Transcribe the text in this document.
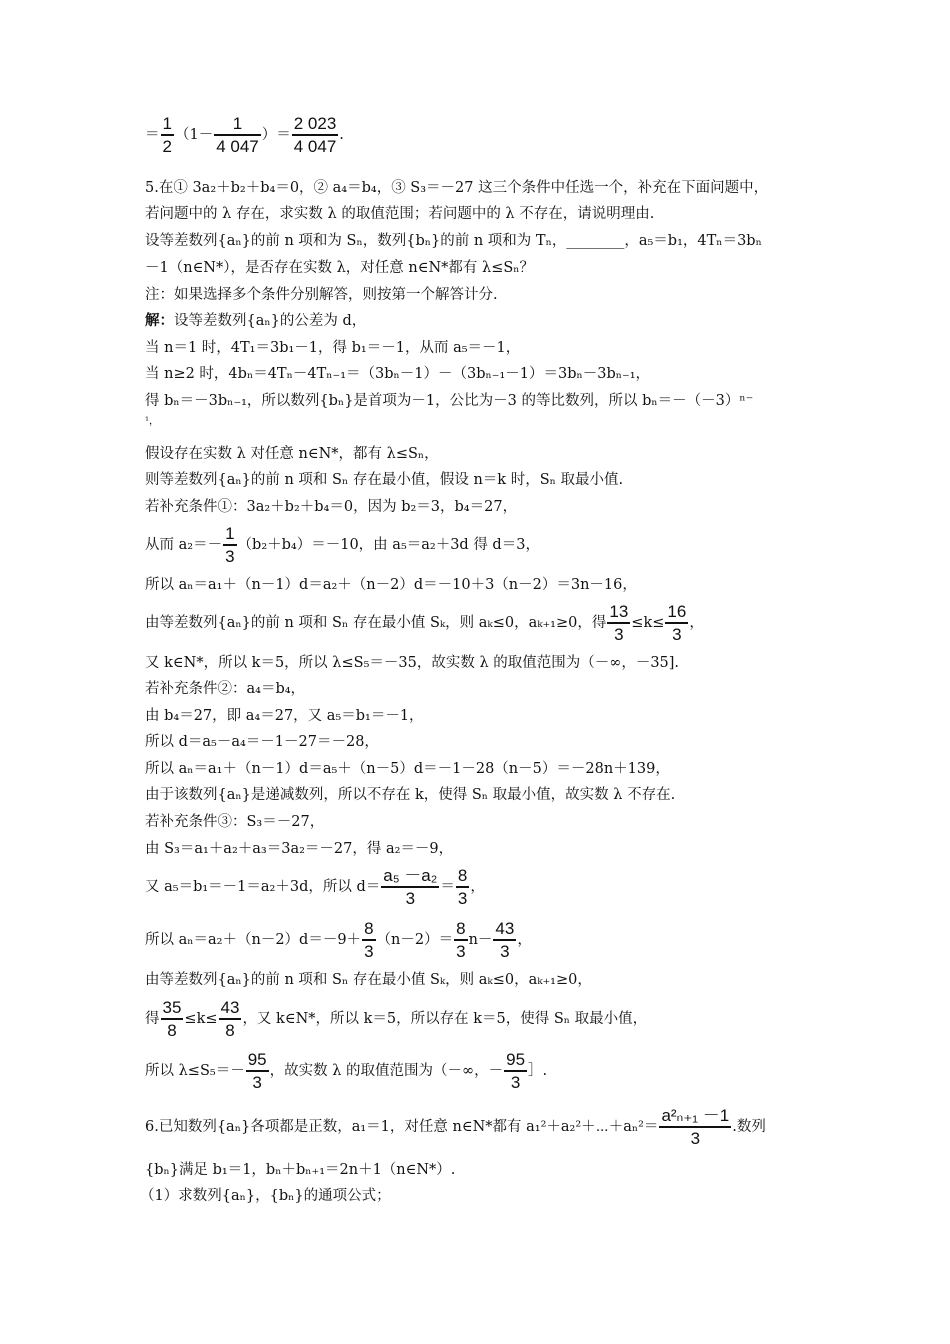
＝ $\frac{1}{2} (1- \frac{1}{4 047}$ ）＝ $\frac{2 023}{4 047}$ .
5.在① 3a₂＋b₂＋b₄＝0，② a₄＝b₄，③ S₃＝－27 这三个条件中任选一个，补充在下面问题中，
若问题中的 λ 存在，求实数 λ 的取值范围；若问题中的 λ 不存在，请说明理由.
设等差数列{aₙ}的前 n 项和为 Sₙ，数列{bₙ}的前 n 项和为 Tₙ，________，a₅＝b₁，4Tₙ＝3bₙ
－1（n∈N*），是否存在实数 λ，对任意 n∈N*都有 λ≤Sₙ？
注：如果选择多个条件分别解答，则按第一个解答计分.
解：设等差数列{aₙ}的公差为 d，
当 n＝1 时，4T₁＝3b₁－1，得 b₁＝－1，从而 a₅＝－1，
当 n≥2 时，4bₙ＝4Tₙ－4Tₙ₋₁＝（3bₙ－1）－（3bₙ₋₁－1）＝3bₙ－3bₙ₋₁，
得 bₙ＝－3bₙ₋₁，所以数列{bₙ}是首项为－1，公比为－3 的等比数列，所以 bₙ＝－（－3）ⁿ⁻
¹，
假设存在实数 λ 对任意 n∈N*，都有 λ≤Sₙ，
则等差数列{aₙ}的前 n 项和 Sₙ 存在最小值，假设 n＝k 时，Sₙ 取最小值.
若补充条件①：3a₂＋b₂＋b₄＝0，因为 b₂＝3，b₄＝27，
从而 $a_2=- \frac{1}{3} (b_2+b_4)=-10$，由 a₅＝a₂＋3d 得 d＝3，
所以 aₙ＝a₁＋（n－1）d＝a₂＋（n－2）d＝－10＋3（n－2）＝3n－16，
由等差数列{aₙ}的前 n 项和 Sₙ 存在最小值 Sₖ，则 aₖ≤0，aₖ₊₁≥0，得 $\frac{13}{3} \le k\le \frac{16}{3}$ ，
又 k∈N*，所以 k＝5，所以 λ≤S₅＝－35，故实数 λ 的取值范围为（－∞，－35].
若补充条件②：a₄＝b₄，
由 b₄＝27，即 a₄＝27，又 a₅＝b₁＝－1，
所以 d＝a₅－a₄＝－1－27＝－28，
所以 aₙ＝a₁＋（n－1）d＝a₅＋（n－5）d＝－1－28（n－5）＝－28n＋139，
由于该数列{aₙ}是递减数列，所以不存在 k，使得 Sₙ 取最小值，故实数 λ 不存在.
若补充条件③：S₃＝－27，
由 S₃＝a₁＋a₂＋a₃＝3a₂＝－27，得 a₂＝－9，
又 a₅＝b₁＝－1＝a₂＋3d，所以 $d= \frac{\text{a₅ －a₂}}{3} = \frac{8}{3}$ ，
所以 $a_n=a_2+(n-2)d=-9+ \frac{8}{3} (n-2)= \frac{8}{3} n- \frac{43}{3}$ ，
由等差数列{aₙ}的前 n 项和 Sₙ 存在最小值 Sₖ，则 aₖ≤0，aₖ₊₁≥0，
得 $\frac{35}{8} \le k\le \frac{43}{8}$ ，又 k∈N*，所以 k＝5，所以存在 k＝5，使得 Sₙ 取最小值，
所以 $\lambda\le S_5=- \frac{95}{3}$ ，故实数 λ 的取值范围为（－∞，－ $\frac{95}{3}$ ］.
6.已知数列{aₙ}各项都是正数，a₁＝1，对任意 n∈N*都有 a₁²＋a₂²＋⋯＋aₙ²＝ $\frac{\text{a²ₙ₊₁ －1}}{3}$ .数列
{bₙ}满足 b₁＝1，bₙ＋bₙ₊₁＝2n＋1（n∈N*）.
（1）求数列{aₙ}，{bₙ}的通项公式；
